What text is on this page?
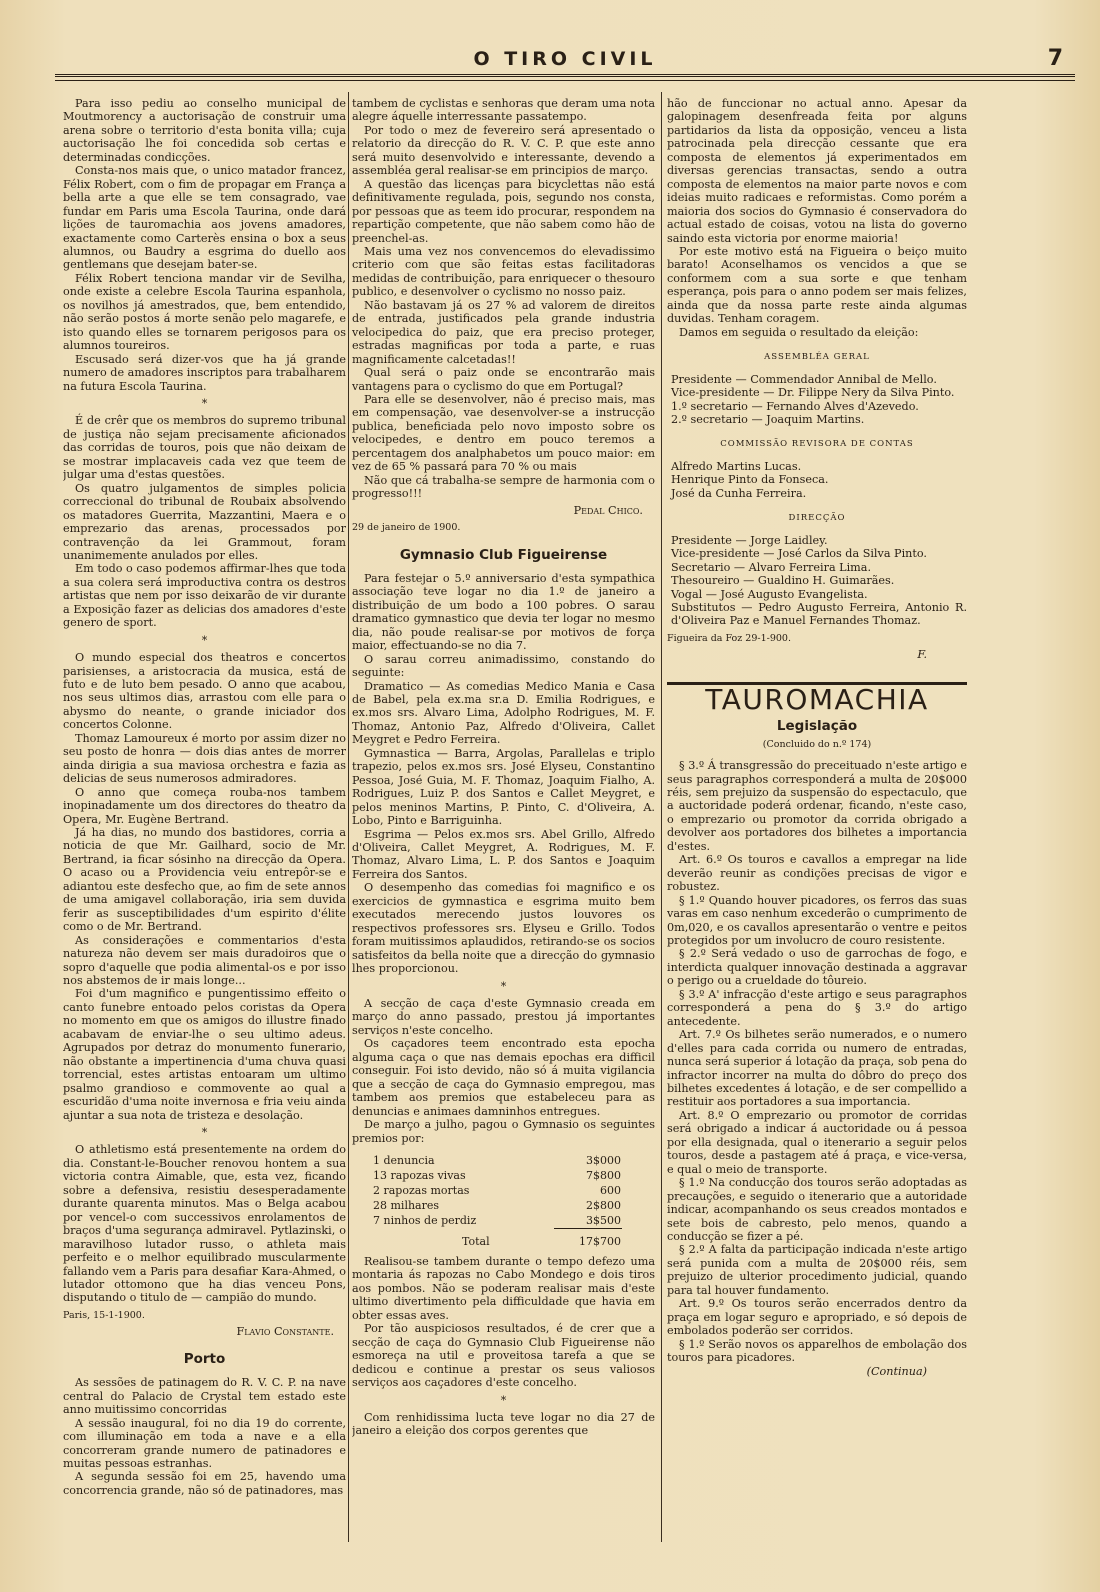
O TIRO CIVIL	7

Para isso pediu ao conselho municipal de Moutmorency a auctorisação de construir uma arena sobre o territorio d'esta bonita villa; cuja auctorisação lhe foi concedida sob certas e determinadas condicções.

Consta-nos mais que, o unico matador francez, Félix Robert, com o fim de propagar em França a bella arte a que elle se tem consagrado, vae fundar em Paris uma Escola Taurina, onde dará lições de tauromachia aos jovens amadores, exactamente como Carterès ensina o box a seus alumnos, ou Baudry a esgrima do duello aos gentlemans que desejam bater-se.

Félix Robert tenciona mandar vir de Sevilha, onde existe a celebre Escola Taurina espanhola, os novilhos já amestrados, que, bem entendido, não serão postos á morte senão pelo magarefe, e isto quando elles se tornarem perigosos para os alumnos toureiros.

Escusado será dizer-vos que ha já grande numero de amadores inscriptos para trabalharem na futura Escola Taurina.

*

É de crêr que os membros do supremo tribunal de justiça não sejam precisamente aficionados das corridas de touros, pois que não deixam de se mostrar implacaveis cada vez que teem de julgar uma d'estas questões.

Os quatro julgamentos de simples policia correccional do tribunal de Roubaix absolvendo os matadores Guerrita, Mazzantini, Maera e o emprezario das arenas, processados por contravenção da lei Grammout, foram unanimemente anulados por elles.

Em todo o caso podemos affirmar-lhes que toda a sua colera será improductiva contra os destros artistas que nem por isso deixarão de vir durante a Exposição fazer as delicias dos amadores d'este genero de sport.

*

O mundo especial dos theatros e concertos parisienses, a aristocracia da musica, está de futo e de luto bem pesado. O anno que acabou, nos seus ultimos dias, arrastou com elle para o abysmo do neante, o grande iniciador dos concertos Colonne.

Thomaz Lamoureux é morto por assim dizer no seu posto de honra — dois dias antes de morrer ainda dirigia a sua maviosa orchestra e fazia as delicias de seus numerosos admiradores.

O anno que começa rouba-nos tambem inopinadamente um dos directores do theatro da Opera, Mr. Eugène Bertrand.

Já ha dias, no mundo dos bastidores, corria a noticia de que Mr. Gailhard, socio de Mr. Bertrand, ia ficar sósinho na direcção da Opera. O acaso ou a Providencia veiu entrepôr-se e adiantou este desfecho que, ao fim de sete annos de uma amigavel collaboração, iria sem duvida ferir as susceptibilidades d'um espirito d'élite como o de Mr. Bertrand.

As considerações e commentarios d'esta natureza não devem ser mais duradoiros que o sopro d'aquelle que podia alimental-os e por isso nos abstemos de ir mais longe...

Foi d'um magnifico e pungentissimo effeito o canto funebre entoado pelos coristas da Opera no momento em que os amigos do illustre finado acabavam de enviar-lhe o seu ultimo adeus. Agrupados por detraz do monumento funerario, não obstante a impertinencia d'uma chuva quasi torrencial, estes artistas entoaram um ultimo psalmo grandioso e commovente ao qual a escuridão d'uma noite invernosa e fria veiu ainda ajuntar a sua nota de tristeza e desolação.

*

O athletismo está presentemente na ordem do dia. Constant-le-Boucher renovou hontem a sua victoria contra Aimable, que, esta vez, ficando sobre a defensiva, resistiu desesperadamente durante quarenta minutos. Mas o Belga acabou por vencel-o com successivos enrolamentos de braços d'uma segurança admiravel. Pytlazinski, o maravilhoso lutador russo, o athleta mais perfeito e o melhor equilibrado muscularmente fallando vem a Paris para desafiar Kara-Ahmed, o lutador ottomono que ha dias venceu Pons, disputando o titulo de — campião do mundo.

Paris, 15-1-1900.

Flavio Constante.

Porto

As sessões de patinagem do R. V. C. P. na nave central do Palacio de Crystal tem estado este anno muitissimo concorridas

A sessão inaugural, foi no dia 19 do corrente, com illuminação em toda a nave e a ella concorreram grande numero de patinadores e muitas pessoas estranhas.

A segunda sessão foi em 25, havendo uma concorrencia grande, não só de patinadores, mas

tambem de cyclistas e senhoras que deram uma nota alegre áquelle interressante passatempo.

Por todo o mez de fevereiro será apresentado o relatorio da direcção do R. V. C. P. que este anno será muito desenvolvido e interessante, devendo a assembléa geral realisar-se em principios de março.

A questão das licenças para bicyclettas não está definitivamente regulada, pois, segundo nos consta, por pessoas que as teem ido procurar, respondem na repartição competente, que não sabem como hão de preenchel-as.

Mais uma vez nos convencemos do elevadissimo criterio com que são feitas estas facilitadoras medidas de contribuição, para enriquecer o thesouro publico, e desenvolver o cyclismo no nosso paiz.

Não bastavam já os 27 % ad valorem de direitos de entrada, justificados pela grande industria velocipedica do paiz, que era preciso proteger, estradas magnificas por toda a parte, e ruas magnificamente calcetadas!!

Qual será o paiz onde se encontrarão mais vantagens para o cyclismo do que em Portugal?

Para elle se desenvolver, não é preciso mais, mas em compensação, vae desenvolver-se a instrucção publica, beneficiada pelo novo imposto sobre os velocipedes, e dentro em pouco teremos a percentagem dos analphabetos um pouco maior: em vez de 65 % passará para 70 % ou mais

Não que cá trabalha-se sempre de harmonia com o progresso!!!

Pedal Chico.

29 de janeiro de 1900.

Gymnasio Club Figueirense

Para festejar o 5.º anniversario d'esta sympathica associação teve logar no dia 1.º de janeiro a distribuição de um bodo a 100 pobres. O sarau dramatico gymnastico que devia ter logar no mesmo dia, não poude realisar-se por motivos de força maior, effectuando-se no dia 7.

O sarau correu animadissimo, constando do seguinte:

Dramatico — As comedias Medico Mania e Casa de Babel, pela ex.ma sr.a D. Emilia Rodrigues, e ex.mos srs. Alvaro Lima, Adolpho Rodrigues, M. F. Thomaz, Antonio Paz, Alfredo d'Oliveira, Callet Meygret e Pedro Ferreira.

Gymnastica — Barra, Argolas, Parallelas e triplo trapezio, pelos ex.mos srs. José Elyseu, Constantino Pessoa, José Guia, M. F. Thomaz, Joaquim Fialho, A. Rodrigues, Luiz P. dos Santos e Callet Meygret, e pelos meninos Martins, P. Pinto, C. d'Oliveira, A. Lobo, Pinto e Barriguinha.

Esgrima — Pelos ex.mos srs. Abel Grillo, Alfredo d'Oliveira, Callet Meygret, A. Rodrigues, M. F. Thomaz, Alvaro Lima, L. P. dos Santos e Joaquim Ferreira dos Santos.

O desempenho das comedias foi magnifico e os exercicios de gymnastica e esgrima muito bem executados merecendo justos louvores os respectivos professores srs. Elyseu e Grillo. Todos foram muitissimos aplaudidos, retirando-se os socios satisfeitos da bella noite que a direcção do gymnasio lhes proporcionou.

*

A secção de caça d'este Gymnasio creada em março do anno passado, prestou já importantes serviços n'este concelho.

Os caçadores teem encontrado esta epocha alguma caça o que nas demais epochas era difficil conseguir. Foi isto devido, não só á muita vigilancia que a secção de caça do Gymnasio empregou, mas tambem aos premios que estabeleceu para as denuncias e animaes damninhos entregues.

De março a julho, pagou o Gymnasio os seguintes premios por:

1 denuncia	3$000
13 rapozas vivas	7$800
2 rapozas mortas	600
28 milhares	2$800
7 ninhos de perdiz	3$500
Total	17$700

Realisou-se tambem durante o tempo defezo uma montaria ás rapozas no Cabo Mondego e dois tiros aos pombos. Não se poderam realisar mais d'este ultimo divertimento pela difficuldade que havia em obter essas aves.

Por tão auspiciosos resultados, é de crer que a secção de caça do Gymnasio Club Figueirense não esmoreça na util e proveitosa tarefa a que se dedicou e continue a prestar os seus valiosos serviços aos caçadores d'este concelho.

*

Com renhidissima lucta teve logar no dia 27 de janeiro a eleição dos corpos gerentes que

hão de funccionar no actual anno. Apesar da galopinagem desenfreada feita por alguns partidarios da lista da opposição, venceu a lista patrocinada pela direcção cessante que era composta de elementos já experimentados em diversas gerencias transactas, sendo a outra composta de elementos na maior parte novos e com ideias muito radicaes e reformistas. Como porém a maioria dos socios do Gymnasio é conservadora do actual estado de coisas, votou na lista do governo saindo esta victoria por enorme maioria!

Por este motivo está na Figueira o beiço muito barato! Aconselhamos os vencidos a que se conformem com a sua sorte e que tenham esperança, pois para o anno podem ser mais felizes, ainda que da nossa parte reste ainda algumas duvidas. Tenham coragem.

Damos em seguida o resultado da eleição:

ASSEMBLÉA GERAL

Presidente — Commendador Annibal de Mello.

Vice-presidente — Dr. Filippe Nery da Silva Pinto.

1.º secretario — Fernando Alves d'Azevedo.

2.º secretario — Joaquim Martins.

COMMISSÃO REVISORA DE CONTAS

Alfredo Martins Lucas.

Henrique Pinto da Fonseca.

José da Cunha Ferreira.

DIRECÇÃO

Presidente — Jorge Laidley.

Vice-presidente — José Carlos da Silva Pinto.

Secretario — Alvaro Ferreira Lima.

Thesoureiro — Gualdino H. Guimarães.

Vogal — José Augusto Evangelista.

Substitutos — Pedro Augusto Ferreira, Antonio R. d'Oliveira Paz e Manuel Fernandes Thomaz.

Figueira da Foz 29-1-900.

F.

TAUROMACHIA

Legislação

(Concluido do n.º 174)

§ 3.º Á transgressão do preceituado n'este artigo e seus paragraphos corresponderá a multa de 20$000 réis, sem prejuizo da suspensão do espectaculo, que a auctoridade poderá ordenar, ficando, n'este caso, o emprezario ou promotor da corrida obrigado a devolver aos portadores dos bilhetes a importancia d'estes.

Art. 6.º Os touros e cavallos a empregar na lide deverão reunir as condições precisas de vigor e robustez.

§ 1.º Quando houver picadores, os ferros das suas varas em caso nenhum excederão o cumprimento de 0m,020, e os cavallos apresentarão o ventre e peitos protegidos por um involucro de couro resistente.

§ 2.º Será vedado o uso de garrochas de fogo, e interdicta qualquer innovação destinada a aggravar o perigo ou a crueldade do tôureio.

§ 3.º A' infracção d'este artigo e seus paragraphos corresponderá a pena do § 3.º do artigo antecedente.

Art. 7.º Os bilhetes serão numerados, e o numero d'elles para cada corrida ou numero de entradas, nunca será superior á lotação da praça, sob pena do infractor incorrer na multa do dôbro do preço dos bilhetes excedentes á lotação, e de ser compellido a restituir aos portadores a sua importancia.

Art. 8.º O emprezario ou promotor de corridas será obrigado a indicar á auctoridade ou á pessoa por ella designada, qual o itenerario a seguir pelos touros, desde a pastagem até á praça, e vice-versa, e qual o meio de transporte.

§ 1.º Na conducção dos touros serão adoptadas as precauções, e seguido o itenerario que a autoridade indicar, acompanhando os seus creados montados e sete bois de cabresto, pelo menos, quando a conducção se fizer a pé.

§ 2.º A falta da participação indicada n'este artigo será punida com a multa de 20$000 réis, sem prejuizo de ulterior procedimento judicial, quando para tal houver fundamento.

Art. 9.º Os touros serão encerrados dentro da praça em logar seguro e apropriado, e só depois de embolados poderão ser corridos.

§ 1.º Serão novos os apparelhos de embolação dos touros para picadores.

(Continua)
